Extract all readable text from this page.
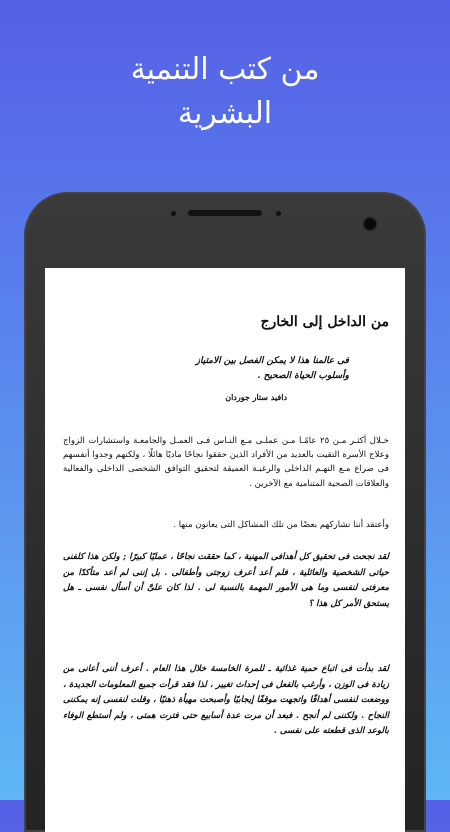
من كتب التنمية
البشرية
من الداخل إلى الخارج
فى عالمنا هذا لا يمكن الفصل بين الامتياز
وأسلوب الحياة الصحيح .
دافيد ستار جوردان
خـلال أكثـر مـن ٢٥ عامًـا مـن عملـى مـع النـاس فـى العمـل والجامعـة واستشارات الزواج وعلاج الأسرة التقيت بالعديد من الأفراد الذين حققوا نجاحًا ماديًا هائلًا ، ولكنهم وجدوا أنفسهم فى صراع مـع النهـم الداخلى والرغبـة العميقة لتحقيق التوافق الشخصى الداخلى والفعالية والعلاقات الصحية المتنامية مع الآخرين .
وأعتقد أننا نشاركهم بعضًا من تلك المشاكل التى يعانون منها .
لقد نجحت فى تحقيق كل أهدافى المهنية ، كما حققت نجاحًا ، عمليًا كبيرًا ; ولكن هذا كلفنى حياتى الشخصية والعائلية ، فلم أعد أعرف زوجتى وأطفالى . بل إننى لم أعد متأكدًا من معرفتى لنفسى وما هى الأمور المهمة بالنسبة لى . لذا كان علىَّ أن أسأل نفسى ـ هل يستحق الأمر كل هذا ؟
لقد بدأت فى اتباع حمية غذائية ـ للمرة الخامسة خلال هذا العام . أعرف أننى أعانى من زيادة فى الوزن ، وأرغب بالفعل فى إحداث تغيير ، لذا فقد قرأت جميع المعلومات الجديدة ، ووضعت لنفسى أهدافًا واتجهت موقفًا إيجابيًا وأصبحت مهيأة ذهنيًا ، وقلت لنفسى إنه يمكننى النجاح . ولكننى لم أنجح . فبعد أن مرت عدة أسابيع حتى فترت همتى ، ولم أستطع الوفاء بالوعد الذى قطعته على نفسى .
